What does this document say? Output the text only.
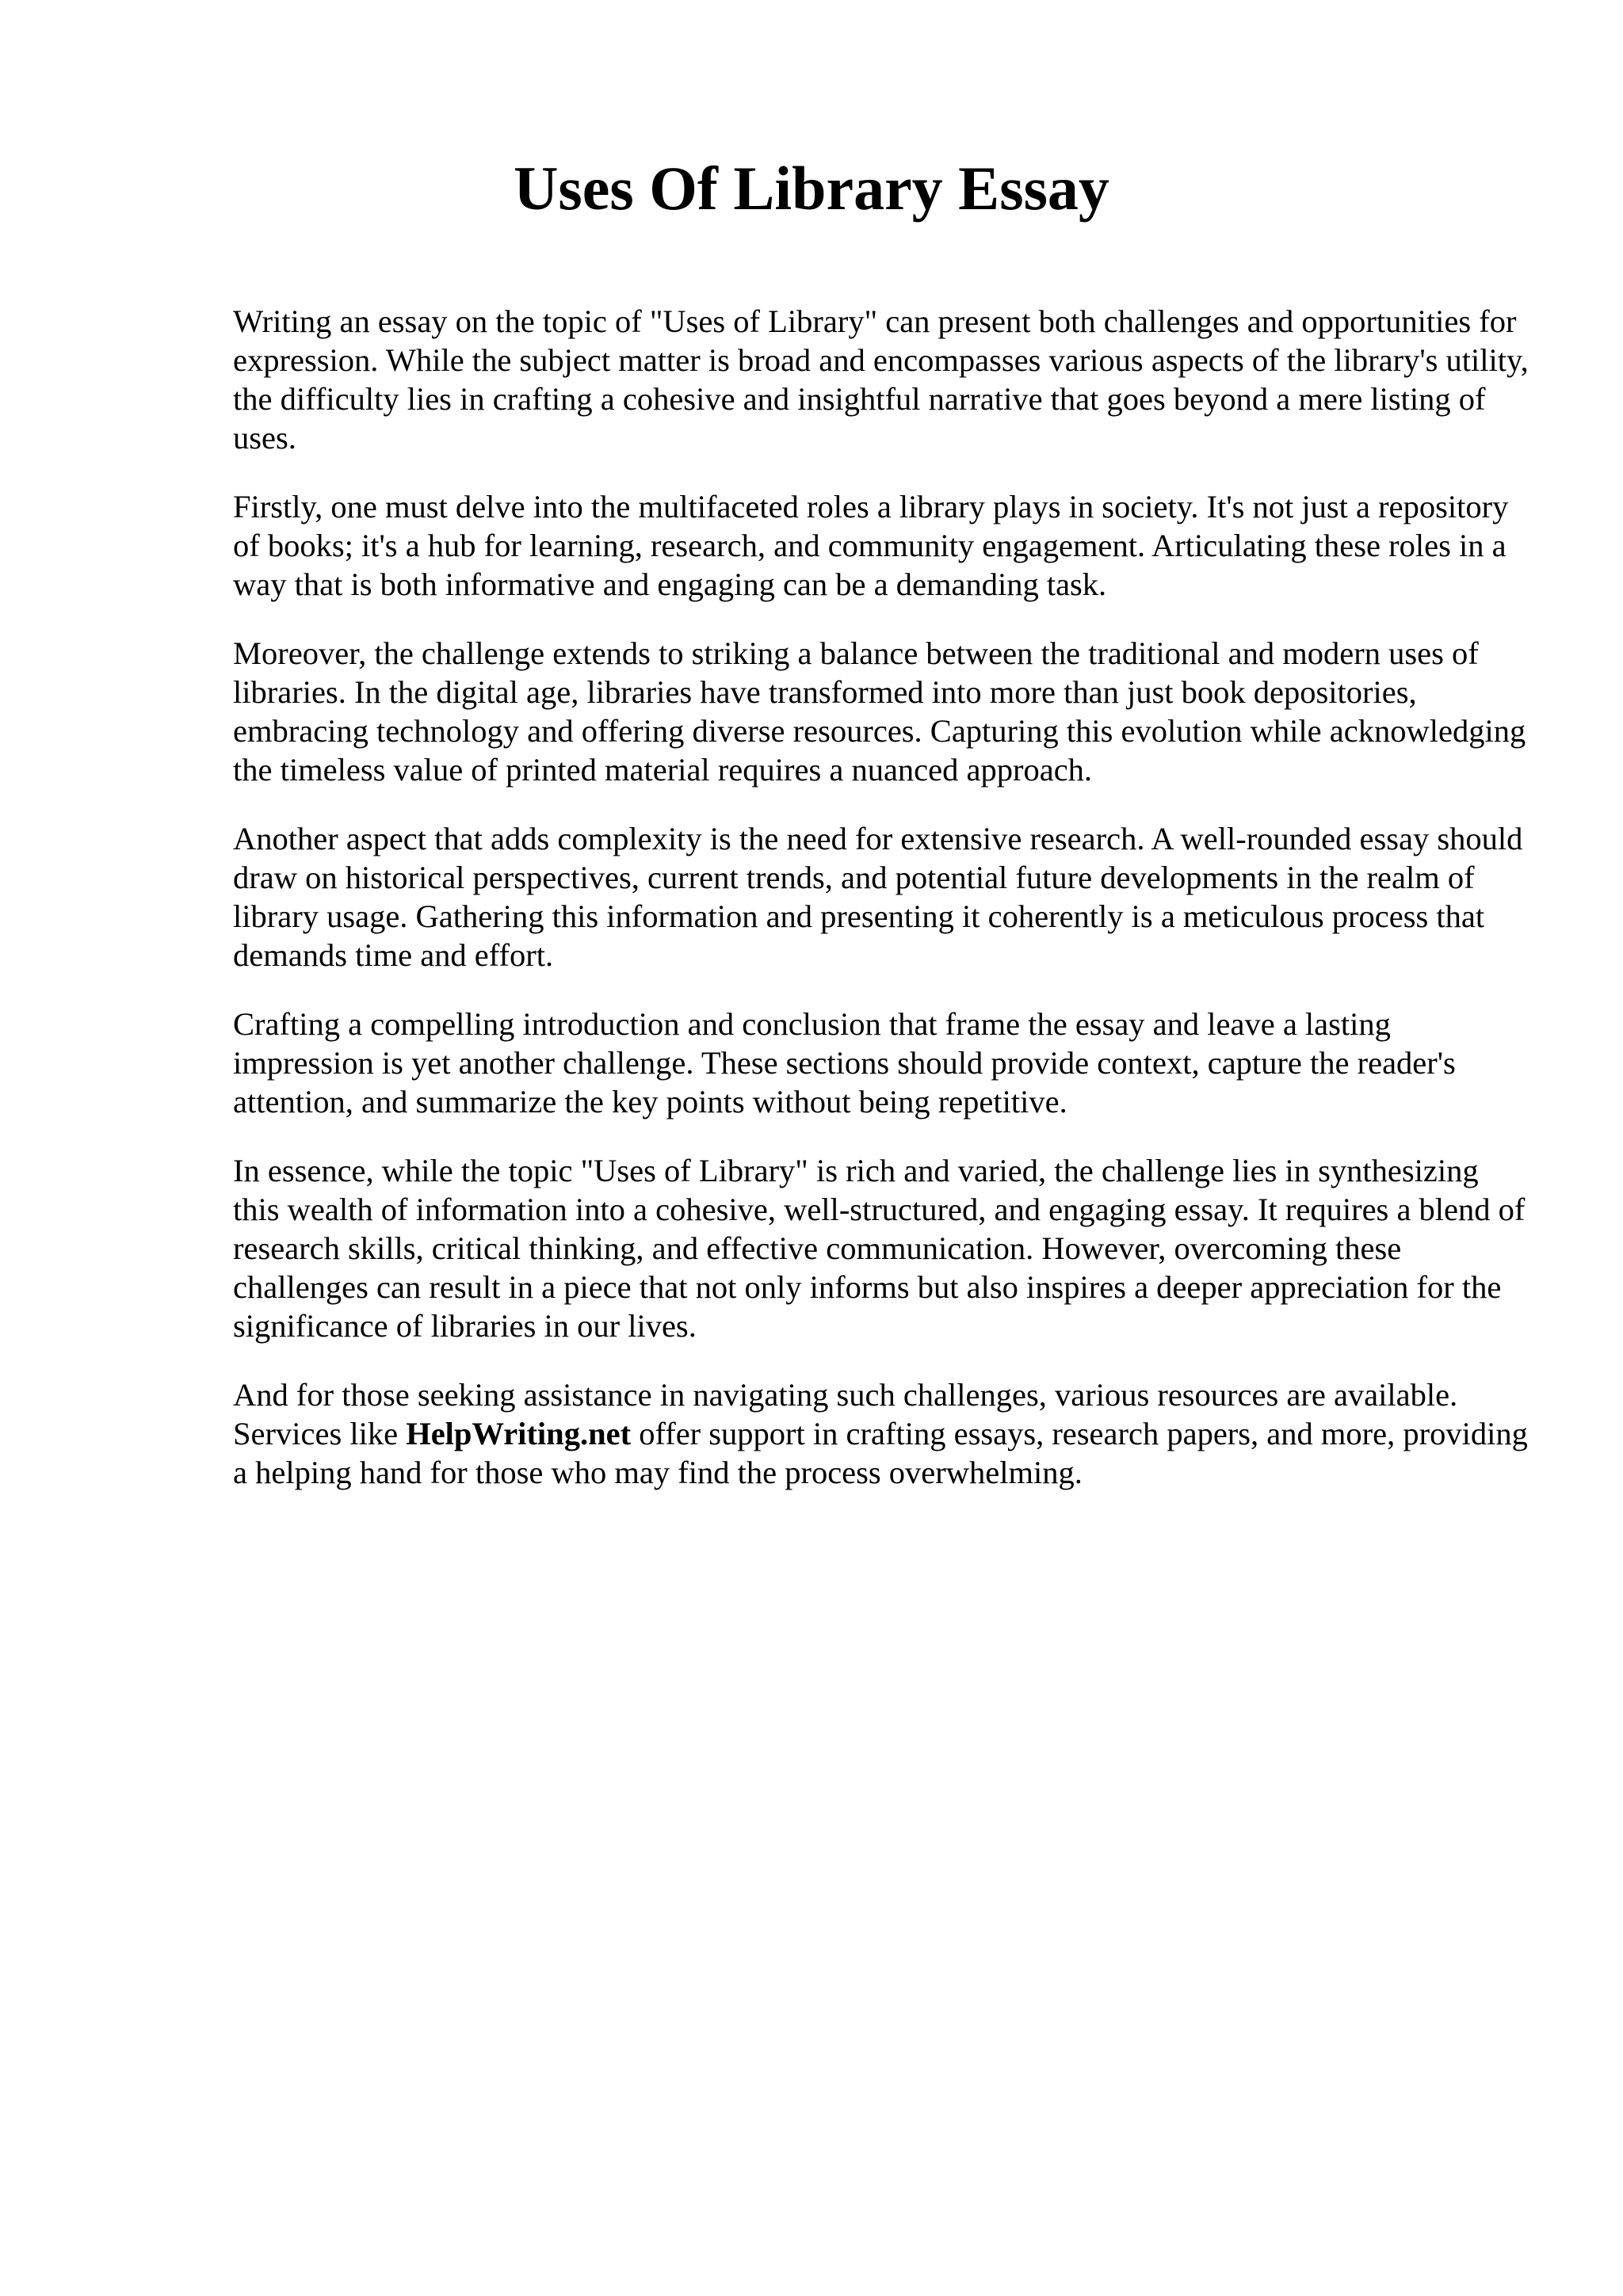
Uses Of Library Essay

Writing an essay on the topic of "Uses of Library" can present both challenges and opportunities for expression. While the subject matter is broad and encompasses various aspects of the library's utility, the difficulty lies in crafting a cohesive and insightful narrative that goes beyond a mere listing of uses.

Firstly, one must delve into the multifaceted roles a library plays in society. It's not just a repository of books; it's a hub for learning, research, and community engagement. Articulating these roles in a way that is both informative and engaging can be a demanding task.

Moreover, the challenge extends to striking a balance between the traditional and modern uses of libraries. In the digital age, libraries have transformed into more than just book depositories, embracing technology and offering diverse resources. Capturing this evolution while acknowledging the timeless value of printed material requires a nuanced approach.

Another aspect that adds complexity is the need for extensive research. A well-rounded essay should draw on historical perspectives, current trends, and potential future developments in the realm of library usage. Gathering this information and presenting it coherently is a meticulous process that demands time and effort.

Crafting a compelling introduction and conclusion that frame the essay and leave a lasting impression is yet another challenge. These sections should provide context, capture the reader's attention, and summarize the key points without being repetitive.

In essence, while the topic "Uses of Library" is rich and varied, the challenge lies in synthesizing this wealth of information into a cohesive, well-structured, and engaging essay. It requires a blend of research skills, critical thinking, and effective communication. However, overcoming these challenges can result in a piece that not only informs but also inspires a deeper appreciation for the significance of libraries in our lives.

And for those seeking assistance in navigating such challenges, various resources are available. Services like HelpWriting.net offer support in crafting essays, research papers, and more, providing a helping hand for those who may find the process overwhelming.
